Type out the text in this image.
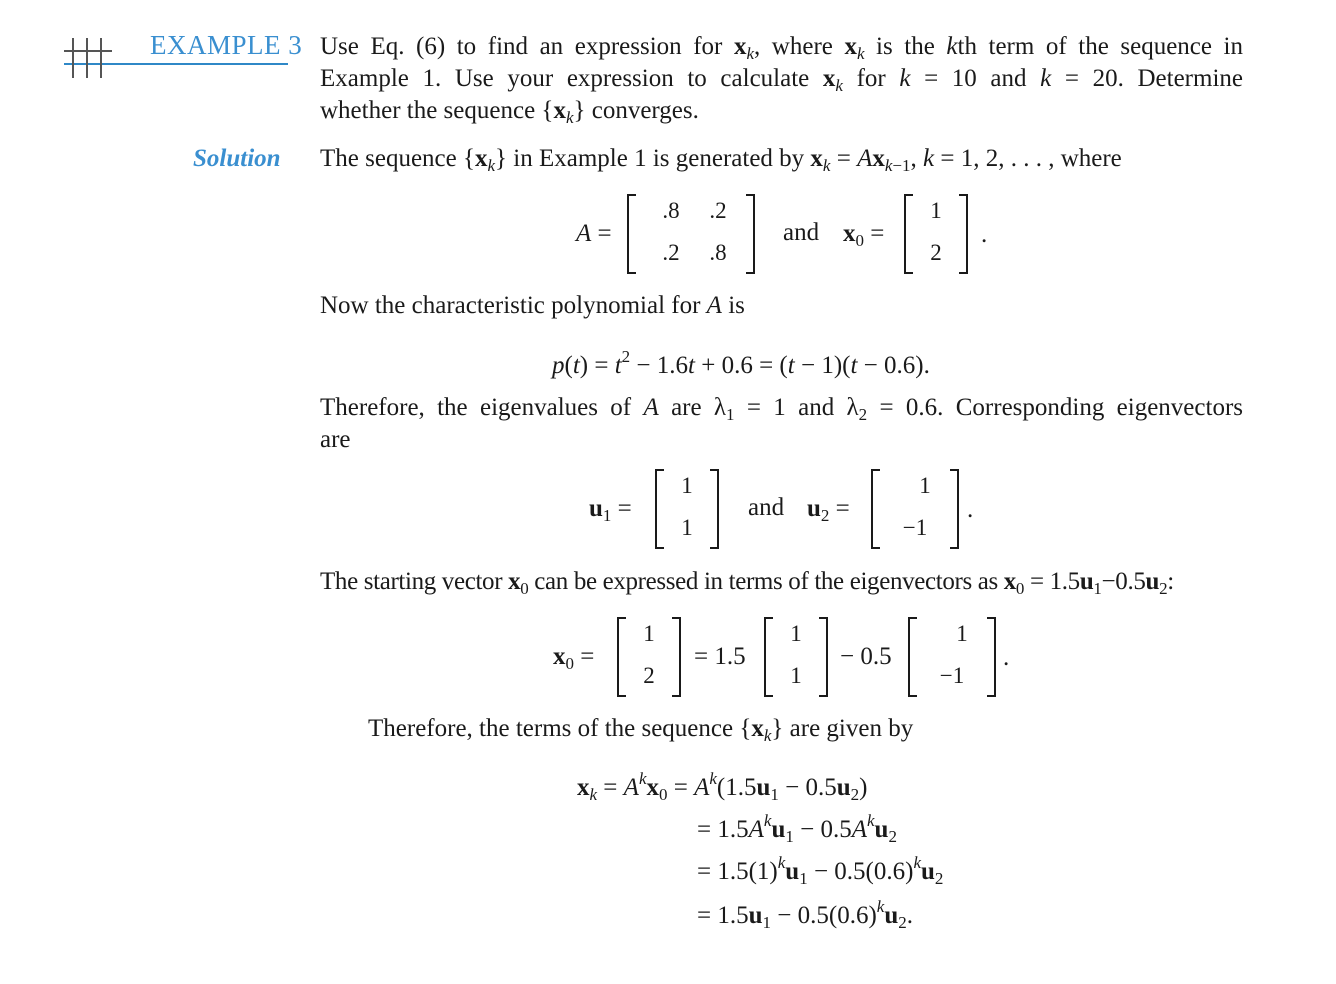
EXAMPLE 3 Use Eq. (6) to find an expression for $x_k$, where $x_k$ is the kth term of the sequence in
Example 1. Use your expression to calculate $x_k$ for k = 10 and k = 20. Determine
whether the sequence $\{x_k\}$ converges.
Solution The sequence $\{x_k\}$ in Example 1 is generated by $x_k = Ax_{k-1}$, k = 1, 2, . . . , where
A =
.8	.2
.2	.8
and $x_0$ =
1
2
.
Now the characteristic polynomial for A is
$p(t) = t^2 - 1.6t + 0.6 = (t - 1)(t - 0.6)$.
Therefore, the eigenvalues of A are $\lambda_1 = 1$ and $\lambda_2 = 0.6$. Corresponding eigenvectors
are
$u_1$ =
1
1
and $u_2$ =
1
−1
.
The starting vector $x_0$ can be expressed in terms of the eigenvectors as $x_0 = 1.5u_1-0.5u_2$:
$x_0$ =
1
2
= 1.5
1
1
− 0.5
1
−1
.
Therefore, the terms of the sequence $\{x_k\}$ are given by
$x_k = A^kx_0 = A^k(1.5u_1 - 0.5u_2)$
= $1.5A^ku_1 - 0.5A^ku_2$
= $1.5(1)^ku_1 - 0.5(0.6)^ku_2$
= $1.5u_1 - 0.5(0.6)^ku_2$.
